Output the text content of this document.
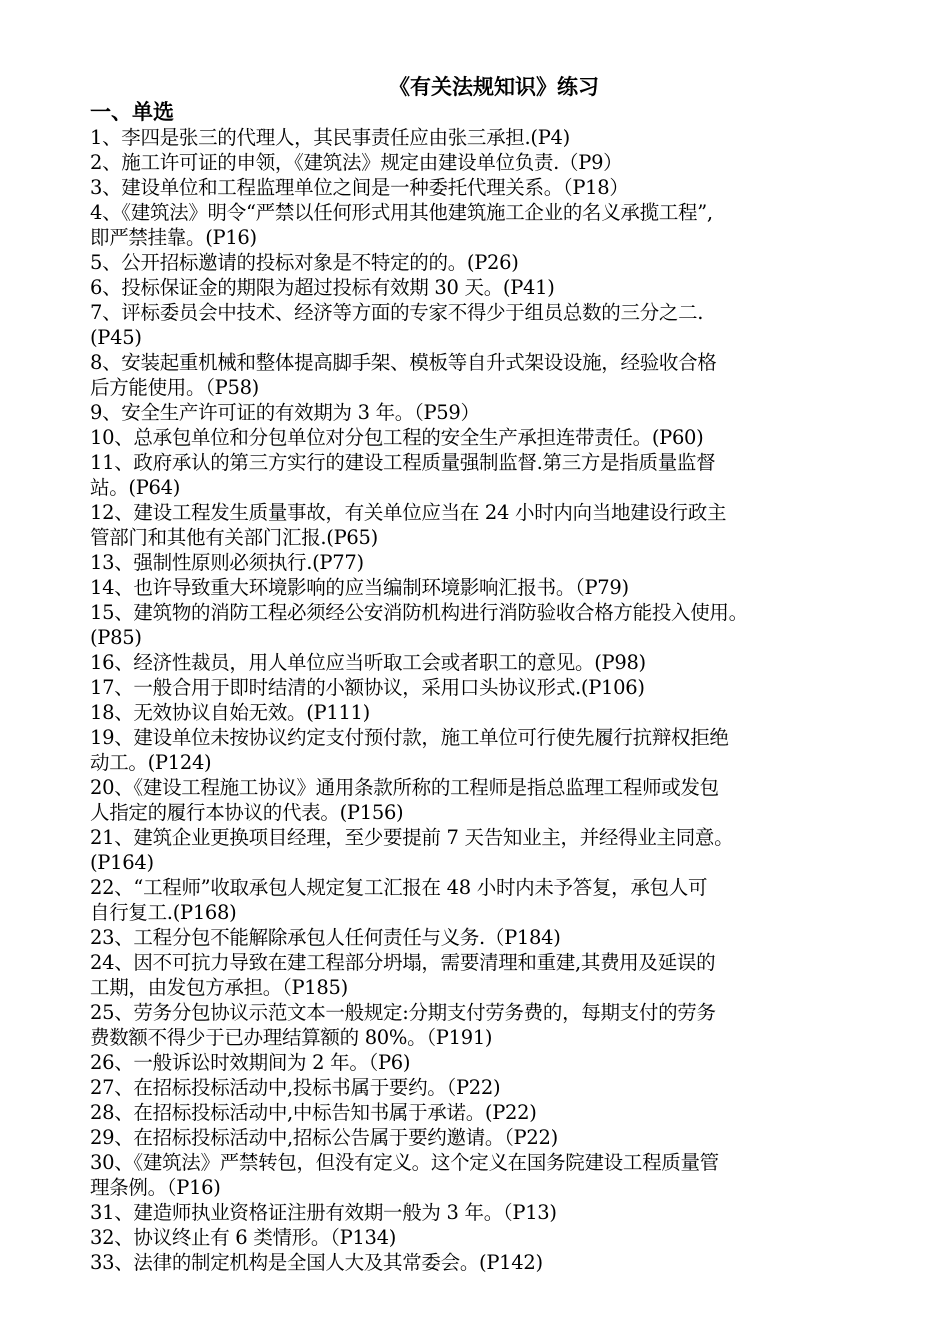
《有关法规知识》练习
一、单选
1、李四是张三的代理人，其民事责任应由张三承担.(P4)
2、施工许可证的申领，《建筑法》规定由建设单位负责.（P9）
3、建设单位和工程监理单位之间是一种委托代理关系。（P18）
4、《建筑法》明令“严禁以任何形式用其他建筑施工企业的名义承揽工程”,
即严禁挂靠。(P16)
5、公开招标邀请的投标对象是不特定的的。(P26)
6、投标保证金的期限为超过投标有效期 30 天。(P41)
7、评标委员会中技术、经济等方面的专家不得少于组员总数的三分之二.
(P45)
8、安装起重机械和整体提高脚手架、模板等自升式架设设施，经验收合格
后方能使用。（P58)
9、安全生产许可证的有效期为 3 年。（P59）
10、总承包单位和分包单位对分包工程的安全生产承担连带责任。(P60)
11、政府承认的第三方实行的建设工程质量强制监督.第三方是指质量监督
站。(P64)
12、建设工程发生质量事故，有关单位应当在 24 小时内向当地建设行政主
管部门和其他有关部门汇报.(P65)
13、强制性原则必须执行.(P77)
14、也许导致重大环境影响的应当编制环境影响汇报书。（P79)
15、建筑物的消防工程必须经公安消防机构进行消防验收合格方能投入使用。
(P85)
16、经济性裁员，用人单位应当听取工会或者职工的意见。(P98)
17、一般合用于即时结清的小额协议，采用口头协议形式.(P106)
18、无效协议自始无效。(P111)
19、建设单位未按协议约定支付预付款，施工单位可行使先履行抗辩权拒绝
动工。(P124)
20、《建设工程施工协议》通用条款所称的工程师是指总监理工程师或发包
人指定的履行本协议的代表。(P156)
21、建筑企业更换项目经理，至少要提前 7 天告知业主，并经得业主同意。
(P164)
22、“工程师”收取承包人规定复工汇报在 48 小时内未予答复，承包人可
自行复工.(P168)
23、工程分包不能解除承包人任何责任与义务.（P184)
24、因不可抗力导致在建工程部分坍塌，需要清理和重建,其费用及延误的
工期，由发包方承担。（P185)
25、劳务分包协议示范文本一般规定:分期支付劳务费的，每期支付的劳务
费数额不得少于已办理结算额的 80%。（P191)
26、一般诉讼时效期间为 2 年。（P6)
27、在招标投标活动中,投标书属于要约。（P22)
28、在招标投标活动中,中标告知书属于承诺。(P22)
29、在招标投标活动中,招标公告属于要约邀请。（P22)
30、《建筑法》严禁转包，但没有定义。这个定义在国务院建设工程质量管
理条例。（P16)
31、建造师执业资格证注册有效期一般为 3 年。（P13)
32、协议终止有 6 类情形。（P134)
33、法律的制定机构是全国人大及其常委会。(P142)
